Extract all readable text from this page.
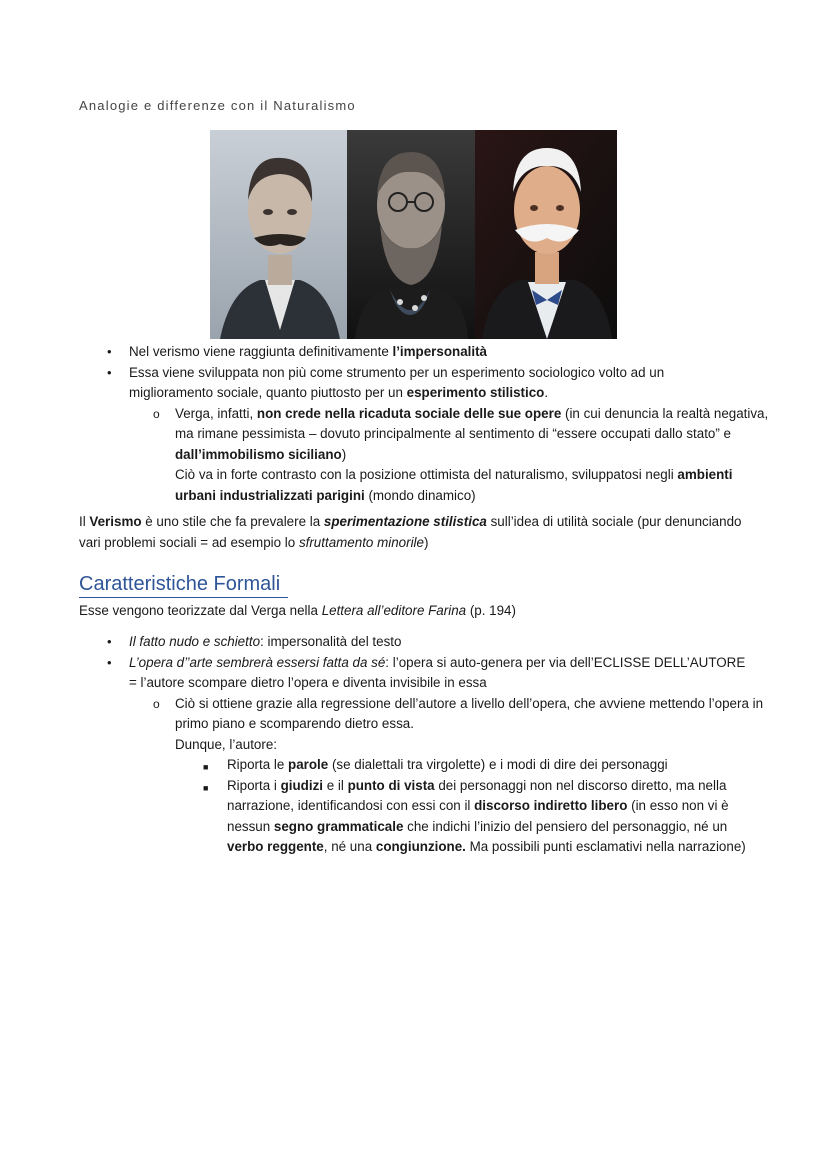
Analogie e differenze con il Naturalismo
• Nel verismo viene raggiunta definitivamente l’impersonalità
• Essa viene sviluppata non più come strumento per un esperimento sociologico volto ad un miglioramento sociale, quanto piuttosto per un esperimento stilistico.
o Verga, infatti, non crede nella ricaduta sociale delle sue opere (in cui denuncia la realtà negativa, ma rimane pessimista – dovuto principalmente al sentimento di “essere occupati dallo stato” e dall’immobilismo siciliano)
Ciò va in forte contrasto con la posizione ottimista del naturalismo, sviluppatosi negli ambienti urbani industrializzati parigini (mondo dinamico)
Il Verismo è uno stile che fa prevalere la sperimentazione stilistica sull’idea di utilità sociale (pur denunciando vari problemi sociali = ad esempio lo sfruttamento minorile)
Caratteristiche Formali
Esse vengono teorizzate dal Verga nella Lettera all’editore Farina (p. 194)
• Il fatto nudo e schietto: impersonalità del testo
• L’opera d’’arte sembrerà essersi fatta da sé: l’opera si auto-genera per via dell’ECLISSE DELL’AUTORE = l’autore scompare dietro l’opera e diventa invisibile in essa
o Ciò si ottiene grazie alla regressione dell’autore a livello dell’opera, che avviene mettendo l’opera in primo piano e scomparendo dietro essa.
Dunque, l’autore:
■ Riporta le parole (se dialettali tra virgolette) e i modi di dire dei personaggi
■ Riporta i giudizi e il punto di vista dei personaggi non nel discorso diretto, ma nella narrazione, identificandosi con essi con il discorso indiretto libero (in esso non vi è nessun segno grammaticale che indichi l’inizio del pensiero del personaggio, né un verbo reggente, né una congiunzione. Ma possibili punti esclamativi nella narrazione)
